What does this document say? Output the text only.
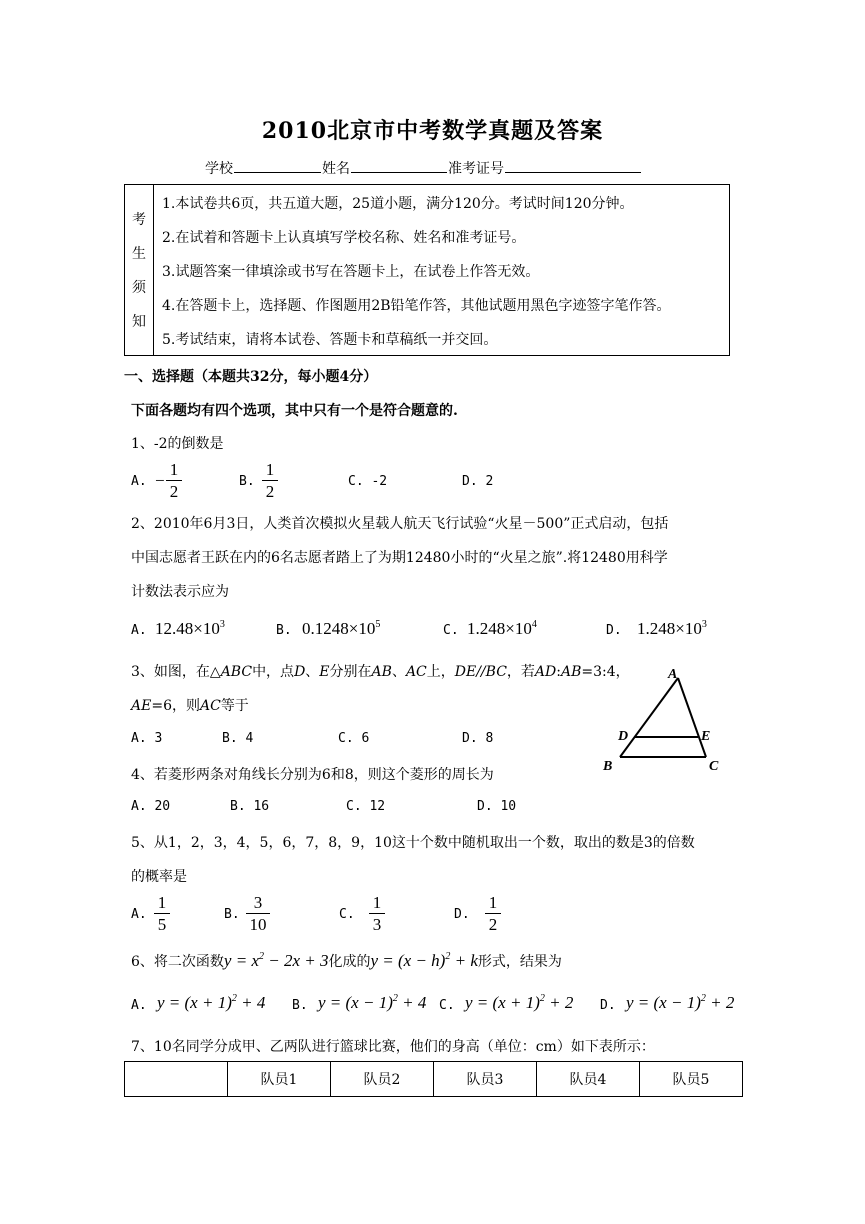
2010北京市中考数学真题及答案
学校	姓名	准考证号
考
生
须
知
1.本试卷共6页，共五道大题，25道小题，满分120分。考试时间120分钟。
2.在试着和答题卡上认真填写学校名称、姓名和准考证号。
3.试题答案一律填涂或书写在答题卡上，在试卷上作答无效。
4.在答题卡上，选择题、作图题用2B铅笔作答，其他试题用黑色字迹签字笔作答。
5.考试结束，请将本试卷、答题卡和草稿纸一并交回。
一、选择题（本题共32分，每小题4分）
下面各题均有四个选项，其中只有一个是符合题意的.
1、-2的倒数是
A. −
1
2
B.
1
2
C. -2	D. 2
2、2010年6月3日，人类首次模拟火星载人航天飞行试验“火星－500”正式启动，包括
中国志愿者王跃在内的6名志愿者踏上了为期12480小时的“火星之旅”.将12480用科学
计数法表示应为
A. $12.48\times 10^3$	B. $0.1248\times 10^5$	C. $1.248\times 10^4$	D. $1.248\times 10^3$
3、如图，在△ABC中，点D、E分别在AB、AC上，DE//BC，若AD:AB=3:4，
AE=6，则AC等于
A. 3	B. 4	C. 6	D. 8
A
D	E
B	C
4、若菱形两条对角线长分别为6和8，则这个菱形的周长为
A. 20	B. 16	C. 12	D. 10
5、从1，2，3，4，5，6，7，8，9，10这十个数中随机取出一个数，取出的数是3的倍数
的概率是
A.
1
5
B.
3
10
C.
1
3
D.
1
2
6、将二次函数$y = x^2 - 2x + 3$化成的$y = (x - h)^2 + k$形式，结果为
A. $y = (x + 1)^2 + 4$ B. $y = (x - 1)^2 + 4$ C. $y = (x + 1)^2 + 2$ D. $y = (x - 1)^2 + 2$
7、10名同学分成甲、乙两队进行篮球比赛，他们的身高（单位：cm）如下表所示：
	队员1	队员2	队员3	队员4	队员5
